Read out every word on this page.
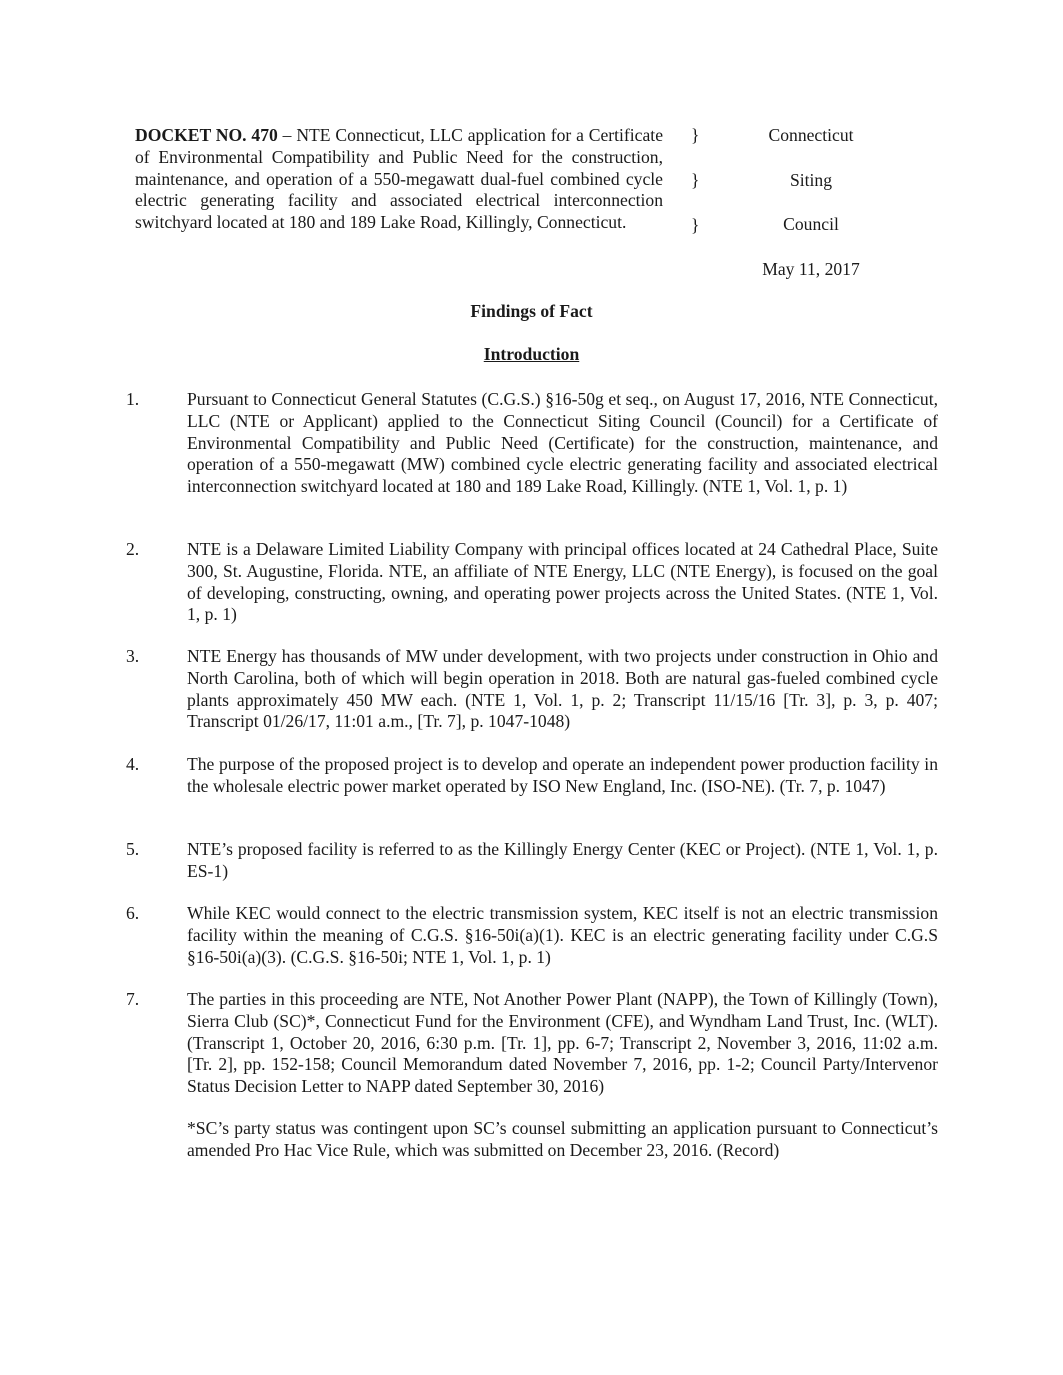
DOCKET NO. 470 – NTE Connecticut, LLC application for a Certificate of Environmental Compatibility and Public Need for the construction, maintenance, and operation of a 550-megawatt dual-fuel combined cycle electric generating facility and associated electrical interconnection switchyard located at 180 and 189 Lake Road, Killingly, Connecticut.
}
}
}
Connecticut
Siting
Council
May 11, 2017
Findings of Fact
Introduction
1.	Pursuant to Connecticut General Statutes (C.G.S.) §16-50g et seq., on August 17, 2016, NTE Connecticut, LLC (NTE or Applicant) applied to the Connecticut Siting Council (Council) for a Certificate of Environmental Compatibility and Public Need (Certificate) for the construction, maintenance, and operation of a 550-megawatt (MW) combined cycle electric generating facility and associated electrical interconnection switchyard located at 180 and 189 Lake Road, Killingly. (NTE 1, Vol. 1, p. 1)
2.	NTE is a Delaware Limited Liability Company with principal offices located at 24 Cathedral Place, Suite 300, St. Augustine, Florida. NTE, an affiliate of NTE Energy, LLC (NTE Energy), is focused on the goal of developing, constructing, owning, and operating power projects across the United States. (NTE 1, Vol. 1, p. 1)
3.	NTE Energy has thousands of MW under development, with two projects under construction in Ohio and North Carolina, both of which will begin operation in 2018. Both are natural gas-fueled combined cycle plants approximately 450 MW each. (NTE 1, Vol. 1, p. 2; Transcript 11/15/16 [Tr. 3], p. 3, p. 407; Transcript 01/26/17, 11:01 a.m., [Tr. 7], p. 1047-1048)
4.	The purpose of the proposed project is to develop and operate an independent power production facility in the wholesale electric power market operated by ISO New England, Inc. (ISO-NE). (Tr. 7, p. 1047)
5.	NTE’s proposed facility is referred to as the Killingly Energy Center (KEC or Project). (NTE 1, Vol. 1, p. ES-1)
6.	While KEC would connect to the electric transmission system, KEC itself is not an electric transmission facility within the meaning of C.G.S. §16-50i(a)(1). KEC is an electric generating facility under C.G.S §16-50i(a)(3). (C.G.S. §16-50i; NTE 1, Vol. 1, p. 1)
7.	The parties in this proceeding are NTE, Not Another Power Plant (NAPP), the Town of Killingly (Town), Sierra Club (SC)*, Connecticut Fund for the Environment (CFE), and Wyndham Land Trust, Inc. (WLT). (Transcript 1, October 20, 2016, 6:30 p.m. [Tr. 1], pp. 6-7; Transcript 2, November 3, 2016, 11:02 a.m. [Tr. 2], pp. 152-158; Council Memorandum dated November 7, 2016, pp. 1-2; Council Party/Intervenor Status Decision Letter to NAPP dated September 30, 2016)
*SC’s party status was contingent upon SC’s counsel submitting an application pursuant to Connecticut’s amended Pro Hac Vice Rule, which was submitted on December 23, 2016. (Record)
